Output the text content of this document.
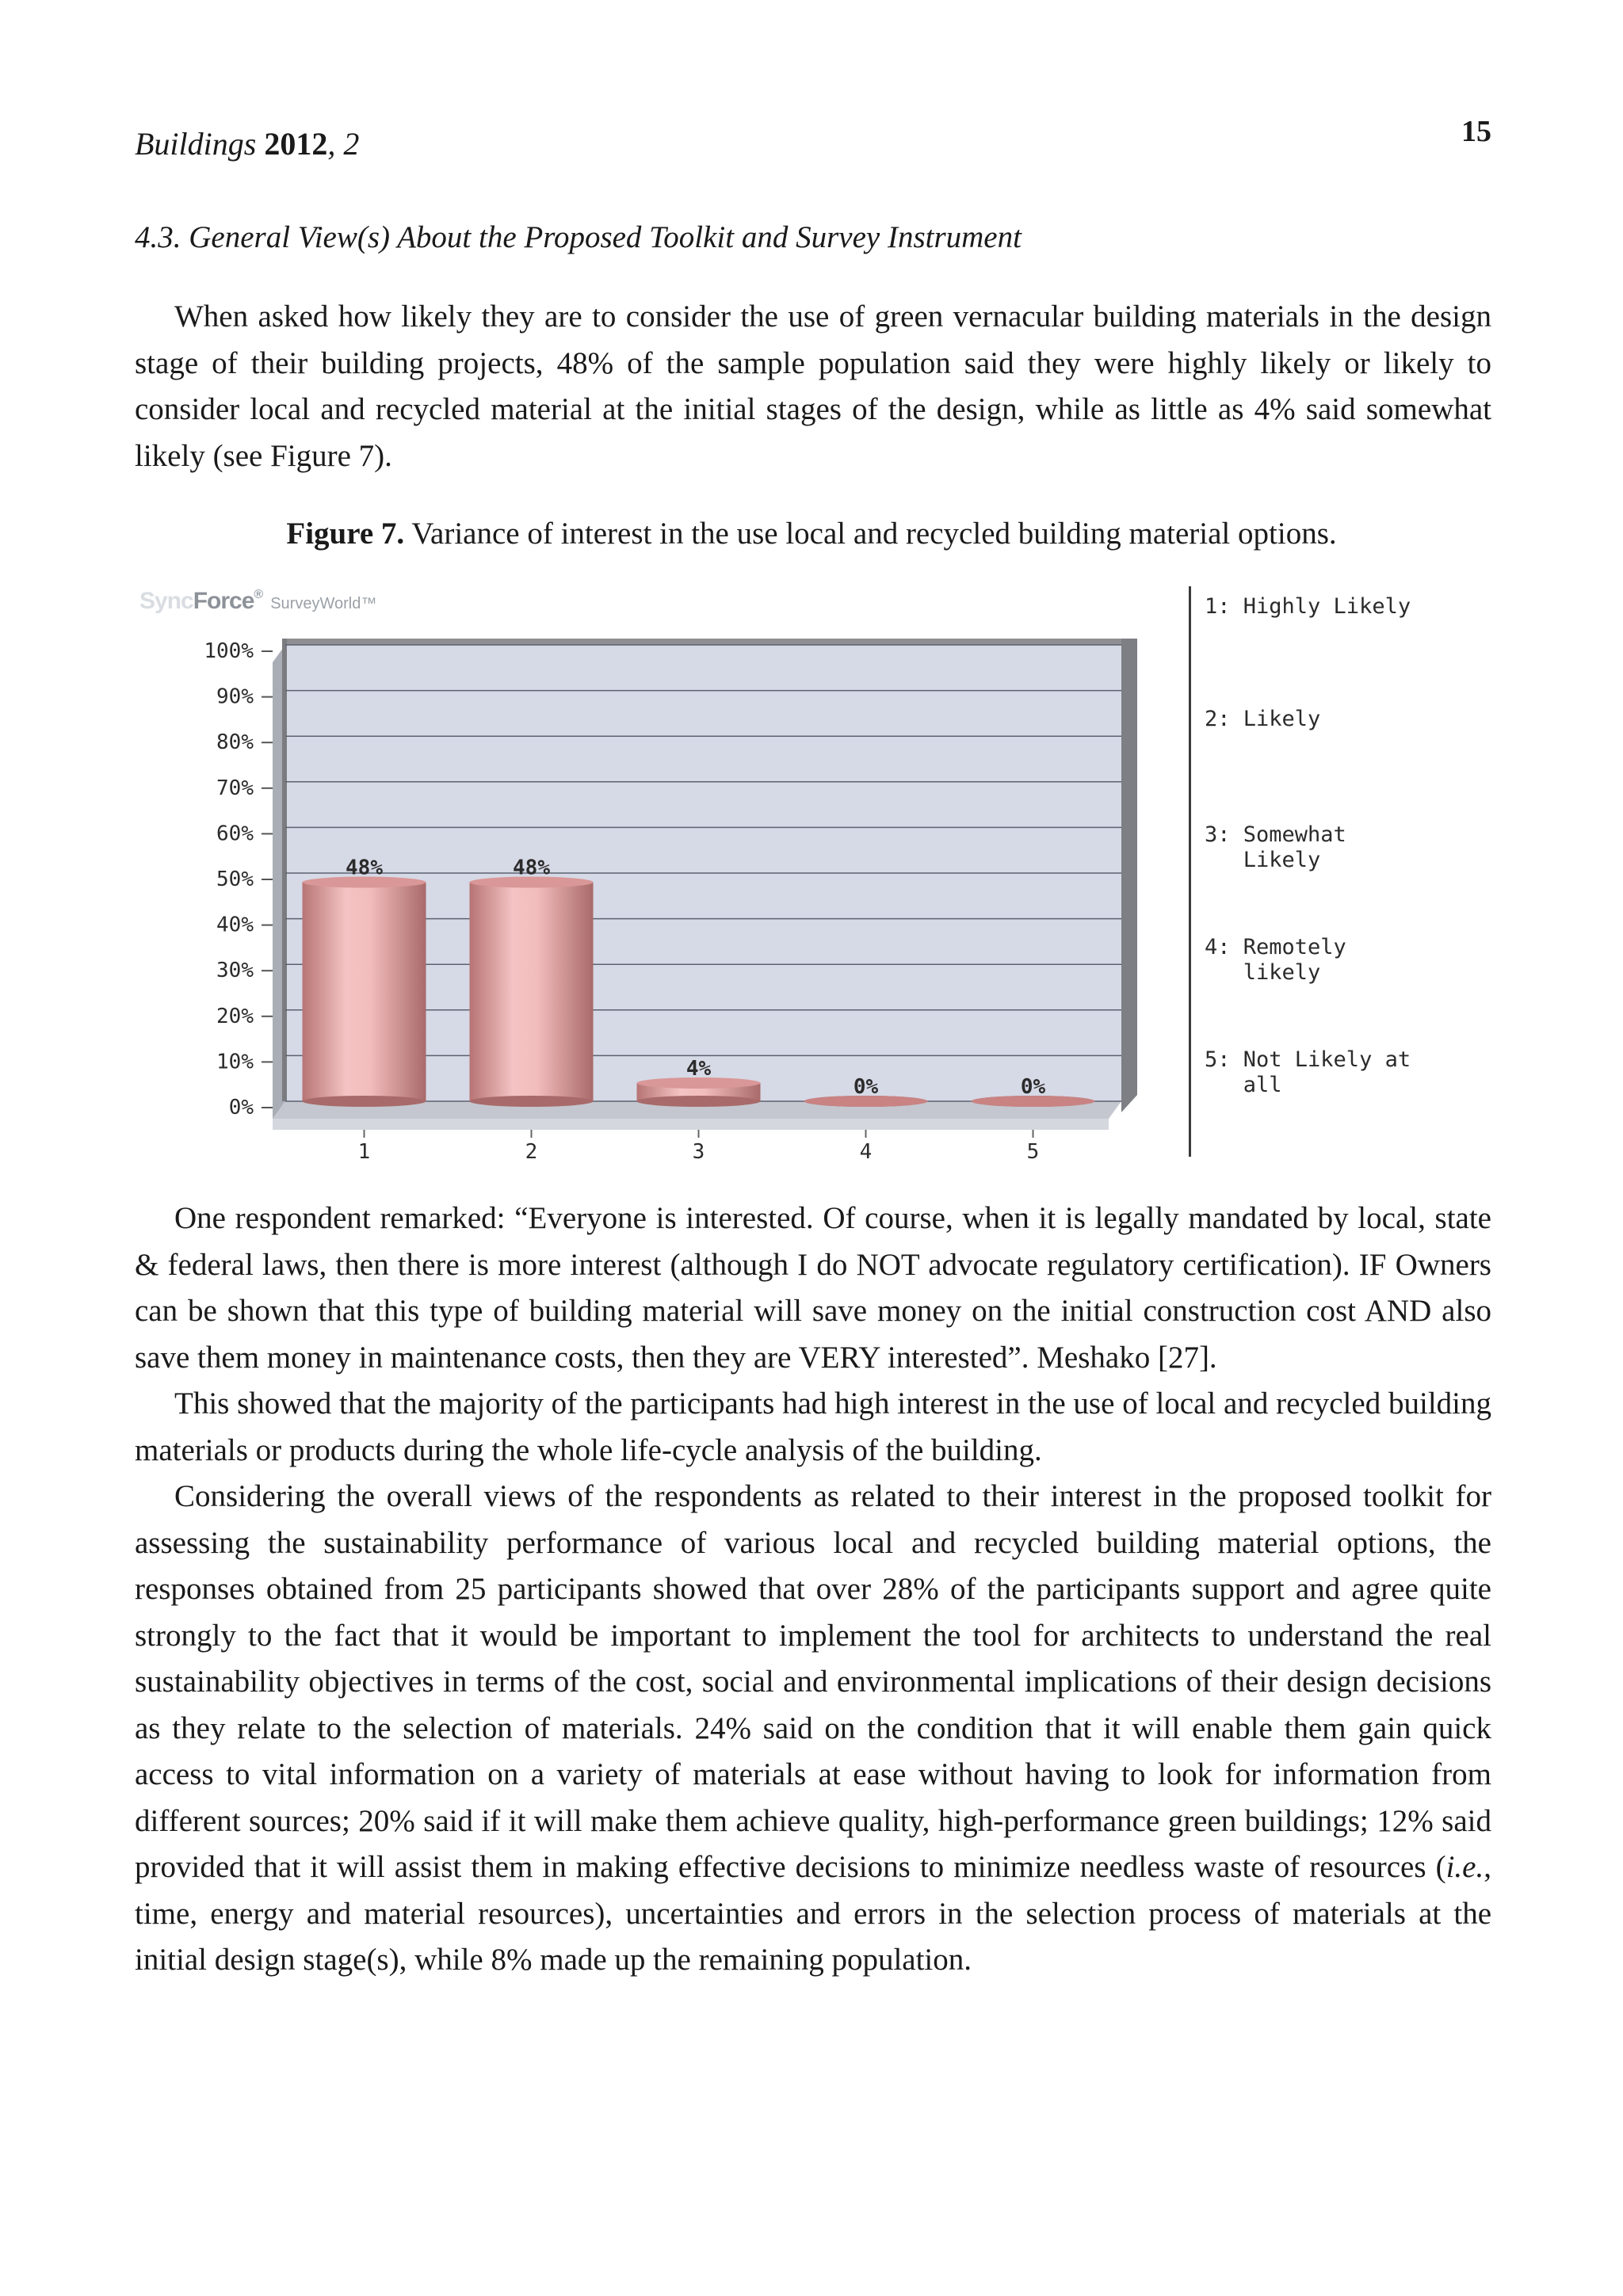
Buildings 2012, 2	15
4.3. General View(s) About the Proposed Toolkit and Survey Instrument

When asked how likely they are to consider the use of green vernacular building materials in the design stage of their building projects, 48% of the sample population said they were highly likely or likely to consider local and recycled material at the initial stages of the design, while as little as 4% said somewhat likely (see Figure 7).

Figure 7. Variance of interest in the use local and recycled building material options.
SyncForce®SurveyWorld™
0%
10%
20%
30%
40%
50%
60%
70%
80%
90%
100%
48%
1
48%
2
4%
3
0%
4
0%
5
1: Highly Likely
2: Likely
3: Somewhat
Likely
4: Remotely
likely
5: Not Likely at
all

One respondent remarked: “Everyone is interested. Of course, when it is legally mandated by local, state & federal laws, then there is more interest (although I do NOT advocate regulatory certification). IF Owners can be shown that this type of building material will save money on the initial construction cost AND also save them money in maintenance costs, then they are VERY interested”. Meshako [27].

This showed that the majority of the participants had high interest in the use of local and recycled building materials or products during the whole life-cycle analysis of the building.

Considering the overall views of the respondents as related to their interest in the proposed toolkit for assessing the sustainability performance of various local and recycled building material options, the responses obtained from 25 participants showed that over 28% of the participants support and agree quite strongly to the fact that it would be important to implement the tool for architects to understand the real sustainability objectives in terms of the cost, social and environmental implications of their design decisions as they relate to the selection of materials. 24% said on the condition that it will enable them gain quick access to vital information on a variety of materials at ease without having to look for information from different sources; 20% said if it will make them achieve quality, high-performance green buildings; 12% said provided that it will assist them in making effective decisions to minimize needless waste of resources (i.e., time, energy and material resources), uncertainties and errors in the selection process of materials at the initial design stage(s), while 8% made up the remaining population.
